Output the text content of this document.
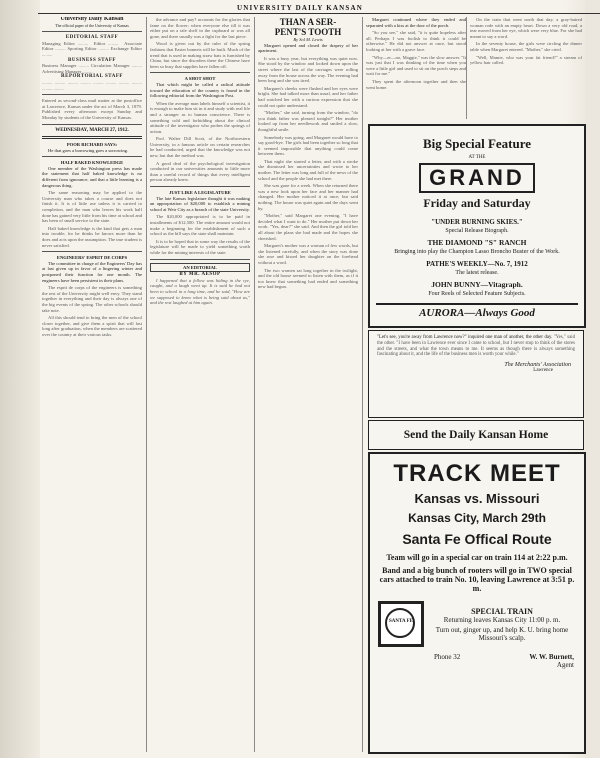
UNIVERSITY DAILY KANSAN
University Daily Kansan
The official paper of the University of Kansas
EDITORIAL STAFF
Managing Editor .........  Editor .........  Associate Editor ......... Sporting Editor ......... Exchange Editor .........
BUSINESS STAFF
Business Manager ......... Circulation Manager ......... Advertising Manager .........
REPORTORIAL STAFF
......... ......... ......... ......... ......... ......... ......... ......... ......... .........
Entered as second-class mail matter at the postoffice at Lawrence, Kansas under the act of March 3, 1879. Published every afternoon except Sunday and Monday by students of the University of Kansas.
WEDNESDAY, MARCH 27, 1912.
POOR RICHARD SAYS:

He that goes a borrowing goes a sorrowing.

HALF BAKED KNOWLEDGE

One member of the Washington press has made the statement that half baked knowledge is no different from ignorance, and that a little learning is a dangerous thing.

The same reasoning may be applied to the University man who takes a course and does not finish it. It is of little use unless it is carried to completion, and the man who leaves his work half done has gained very little from his time at school and has been of small service to the state.

Half baked knowledge is the kind that gets a man into trouble, for he thinks he knows more than he does and acts upon the assumption. The true student is never satisfied.

ENGINEERS' ESPRIT DE CORPS

The committee in charge of the Engineers' Day has at last given up in favor of a lingering winter and postponed their function for one month. The engineers have been persistent in their plans.

The esprit de corps of the engineers is something the rest of the University might well envy. They stand together in everything and their day is always one of the big events of the spring. The other schools should take note.

All this should tend to bring the men of the school closer together, and give them a spirit that will last long after graduation, when the members are scattered over the country at their various tasks.

the advance and pay? accounts for the glories that fame on the flower; when everyone else till it was either put on a tale shelf in the cupboard or was all gone, and there usually was a fight for the last piece.

Wood is given out by the ruler of the spring fashions that Easter bonnets will be built. Much of the trend that is used in making straw hats is furnished by China, but since the disorders there the Chinese have been so busy that supplies have fallen off.

A SHOT SHOT

That which might be called a radical attitude toward the education of the country is found in the following editorial from the Washington Post.

When the average man labels himself a scientist, it is enough to make him sit in it and study with real life and a stranger as to human conscience. There is something cold and forbidding about the clinical attitude of the investigator who probes the springs of action.

Prof. Walter Dill Scott, of the Northwestern University, in a famous article on certain researches he had conducted, urged that the knowledge was not new, but that the method was.

A good deal of the psychological investigation conducted in our universities amounts to little more than a careful record of things that every intelligent person already knew.

JUST LIKE A LEGISLATURE

The late Kansas legislature thought it was making an appropriation of $20,000 to establish a mining school at Weir City as a branch of the state University.

The $20,000 appropriated is to be paid in installments of $12,500. The entire amount would not make a beginning for the establishment of such a school as the bill says the state shall maintain.

It is to be hoped that in some way the results of the legislature will be made to yield something worth while for the mining interests of the state.

AN EDITORIAL
BY MR. AESOP

I happened that a fellow was hiding in the rye, caught, and a laugh went up. It is said he had not been to school in a long time, and he said, "How are we supposed to know what is being said about us," and the rest laughed at him again.

THAN A SER-
PENT'S TOOTH
By Sol M. Lewis

Margaret opened and closed the drapery of her apartment.

It was a busy year, but everything was quiet now. She stood by the window and looked down upon the street where the last of the carriages were rolling away from the house across the way. The evening had been long and she was tired.

Margaret's cheeks were flushed and her eyes were bright. She had talked more than usual, and her father had watched her with a curious expression that she could not quite understand.

"Mother," she said, turning from the window, "do you think father was pleased tonight?" Her mother looked up from her needlework and smiled a slow, thoughtful smile.

Somebody was going, and Margaret would have to say good-bye. The girls had been together so long that it seemed impossible that anything could come between them.

That night she started a letter, and with a stroke she dismissed her uncertainties and wrote to her mother. The letter was long and full of the news of the school and the people she had met there.

She was gone for a week. When she returned there was a new look upon her face and her manner had changed. Her mother noticed it at once, but said nothing. The house was quiet again and the days went by.

"Mother," said Margaret one evening, "I have decided what I want to do." Her mother put down her work. "Yes, dear?" she said. And then the girl told her all about the plans she had made and the hopes she cherished.

Margaret's mother was a woman of few words, but she listened carefully, and when the story was done she rose and kissed her daughter on the forehead without a word.

The two women sat long together in the twilight, and the old house seemed to listen with them, as if it too knew that something had ended and something new had begun.

Margaret continued where they ended and separated with a kiss at the door of the porch.

"So you see," she said, "it is quite hopeless after all. Perhaps I was foolish to think it could be otherwise." He did not answer at once, but stood looking at her with a grave face.

"Why—er—no, Maggie," was the slow answer. "It was just that I was thinking of the time when you were a little girl and used to sit on the porch steps and wait for me."

They spent the afternoon together and then she went home.

On the train that went north that day, a gray-haired woman rode with an empty heart. Down a very old road, a tear moved from her eye, which were very blue. For she had meant to say a word.

In the seventy house, the girls were circling the dinner table when Margaret entered. "Mother," she cried.

"Well, Mamie, who was your fat friend?" a stream of yellow hair called.

Big Special Feature
AT THE
GRAND
Friday and Saturday
"UNDER BURNING SKIES."
Special Release Biograph.
THE DIAMOND "S" RANCH
Bringing into play the Champion Lasso Broncho Buster of the Work.
PATHE'S WEEKLY—No. 7, 1912
The latest release.
JOHN BUNNY—Vitagraph.
Four Reels of Selected Feature Subjects.
AURORA—Always Good
"Let's see, you're away from Lawrence now?" inquired one man of another, the other day. "Yes," said the other. "I have been in Lawrence ever since I came to school, but I never stop to think of the stores and the streets, and what the town means to me. It seems as though there is always something fascinating about it, and the life of the business men is worth your while."
The Merchants' Association
Lawrence
Send the Daily Kansan Home
TRACK MEET
Kansas vs. Missouri
Kansas City, March 29th
Santa Fe Offical Route
Team will go in a special car on train 114 at 2:22 p.m.
Band and a big bunch of rooters will go in TWO special cars attached to train No. 10, leaving Lawrence at 3:51 p. m.
SANTA FE
SPECIAL TRAIN
Returning leaves Kansas City 11:00 p. m.
Turn out, ginger up, and help K. U. bring home Missouri's scalp.
Phone 32	W. W. Burnett,
Agent
